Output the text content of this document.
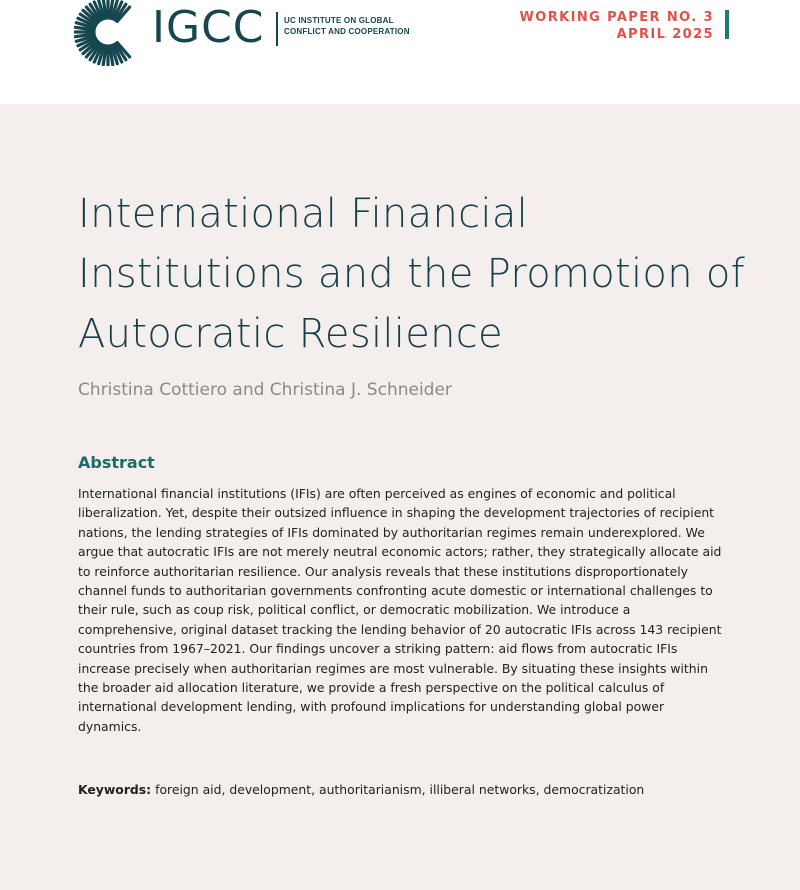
IGCC UC INSTITUTE ON GLOBAL
CONFLICT AND COOPERATION
WORKING PAPER NO. 3
APRIL 2025
International Financial Institutions and the Promotion of Autocratic Resilience
Christina Cottiero and Christina J. Schneider
Abstract

International financial institutions (IFIs) are often perceived as engines of economic and political liberalization. Yet, despite their outsized influence in shaping the development trajectories of recipient nations, the lending strategies of IFIs dominated by authoritarian regimes remain underexplored. We argue that autocratic IFIs are not merely neutral economic actors; rather, they strategically allocate aid to reinforce authoritarian resilience. Our analysis reveals that these institutions disproportionately channel funds to authoritarian governments confronting acute domestic or international challenges to their rule, such as coup risk, political conflict, or democratic mobilization. We introduce a comprehensive, original dataset tracking the lending behavior of 20 autocratic IFIs across 143 recipient countries from 1967–2021. Our findings uncover a striking pattern: aid flows from autocratic IFIs increase precisely when authoritarian regimes are most vulnerable. By situating these insights within the broader aid allocation literature, we provide a fresh perspective on the political calculus of international development lending, with profound implications for understanding global power dynamics.

Keywords: foreign aid, development, authoritarianism, illiberal networks, democratization
